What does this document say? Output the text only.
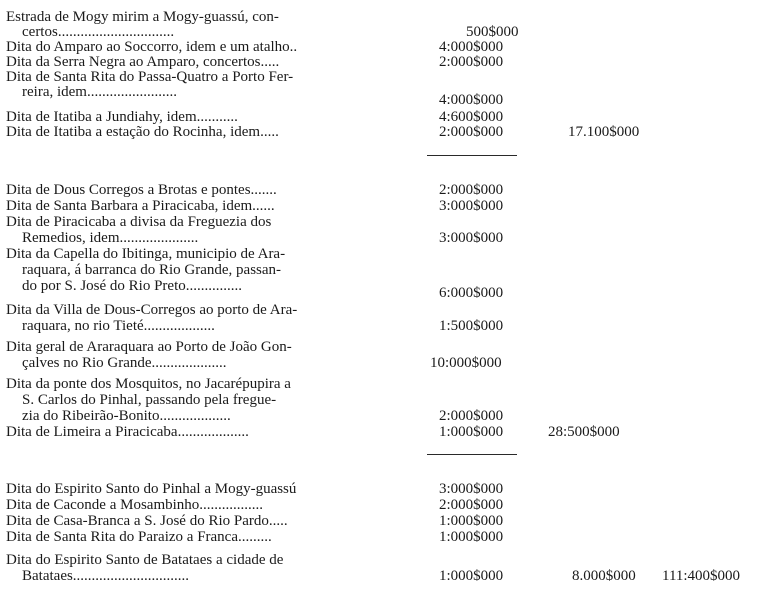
Estrada de Mogy mirim a Mogy-guassú, con-
certos...............................	500$000
Dita do Amparo ao Soccorro, idem e um atalho..	4:000$000
Dita da Serra Negra ao Amparo, concertos.....	2:000$000
Dita de Santa Rita do Passa-Quatro a Porto Fer-
reira, idem........................	4:000$000
Dita de Itatiba a Jundiahy, idem...........	4:600$000
Dita de Itatiba a estação do Rocinha, idem.....	2:000$000	17.100$000
Dita de Dous Corregos a Brotas e pontes.......	2:000$000
Dita de Santa Barbara a Piracicaba, idem......	3:000$000
Dita de Piracicaba a divisa da Freguezia dos
Remedios, idem.....................	3:000$000
Dita da Capella do Ibitinga, municipio de Ara-
raquara, á barranca do Rio Grande, passan-
do por S. José do Rio Preto...............	6:000$000
Dita da Villa de Dous-Corregos ao porto de Ara-
raquara, no rio Tieté...................	1:500$000
Dita geral de Araraquara ao Porto de João Gon-
çalves no Rio Grande....................	10:000$000
Dita da ponte dos Mosquitos, no Jacarépupira a
S. Carlos do Pinhal, passando pela fregue-
zia do Ribeirão-Bonito...................	2:000$000
Dita de Limeira a Piracicaba...................	1:000$000	28:500$000
Dita do Espirito Santo do Pinhal a Mogy-guassú	3:000$000
Dita de Caconde a Mosambinho.................	2:000$000
Dita de Casa-Branca a S. José do Rio Pardo.....	1:000$000
Dita de Santa Rita do Paraizo a Franca.........	1:000$000
Dita do Espirito Santo de Batataes a cidade de
Batataes...............................	1:000$000	8.000$000 111:400$000
